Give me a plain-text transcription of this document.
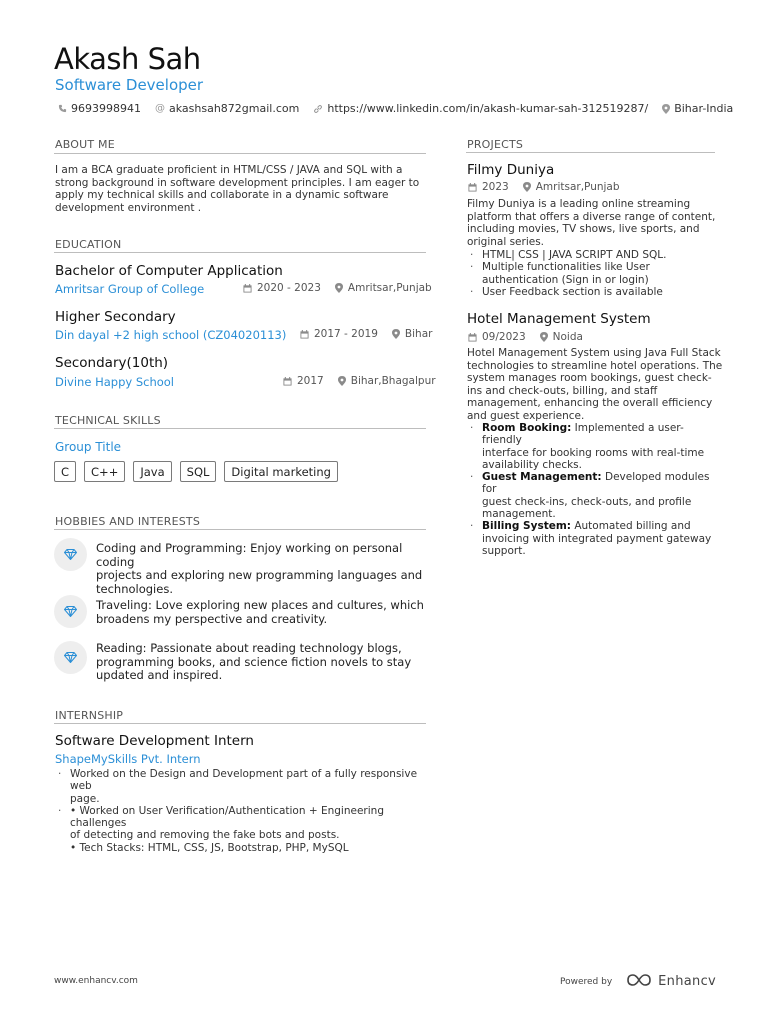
Akash Sah
Software Developer
9693998941 @ akashsah872gmail.com	https://www.linkedin.com/in/akash-kumar-sah-312519287/ Bihar-India
ABOUT ME
I am a BCA graduate proficient in HTML/CSS / JAVA and SQL with a
strong background in software development principles. I am eager to
apply my technical skills and collaborate in a dynamic software
development environment .
EDUCATION
Bachelor of Computer Application
Amritsar Group of College	2020 - 2023	Amritsar,Punjab
Higher Secondary
Din dayal +2 high school (CZ04020113)	2017 - 2019	Bihar
Secondary(10th)
Divine Happy School	2017	Bihar,Bhagalpur
TECHNICAL SKILLS
Group Title
C	C++	Java	SQL	Digital marketing
HOBBIES AND INTERESTS
Coding and Programming: Enjoy working on personal coding
projects and exploring new programming languages and
technologies.
Traveling: Love exploring new places and cultures, which
broadens my perspective and creativity.
Reading: Passionate about reading technology blogs,
programming books, and science fiction novels to stay
updated and inspired.
INTERNSHIP
Software Development Intern
ShapeMySkills Pvt. Intern
· Worked on the Design and Development part of a fully responsive web
page.
· • Worked on User Verification/Authentication + Engineering challenges
of detecting and removing the fake bots and posts.
• Tech Stacks: HTML, CSS, JS, Bootstrap, PHP, MySQL
PROJECTS
Filmy Duniya
2023	Amritsar,Punjab
Filmy Duniya is a leading online streaming
platform that offers a diverse range of content,
including movies, TV shows, live sports, and
original series.
· HTML| CSS | JAVA SCRIPT AND SQL.
· Multiple functionalities like User
authentication (Sign in or login)
· User Feedback section is available
Hotel Management System
09/2023	Noida
Hotel Management System using Java Full Stack
technologies to streamline hotel operations. The
system manages room bookings, guest check-
ins and check-outs, billing, and staff
management, enhancing the overall efficiency
and guest experience.
· Room Booking: Implemented a user-friendly
interface for booking rooms with real-time
availability checks.
· Guest Management: Developed modules for
guest check-ins, check-outs, and profile
management.
· Billing System: Automated billing and
invoicing with integrated payment gateway
support.
www.enhancv.com	Powered by	Enhancv
